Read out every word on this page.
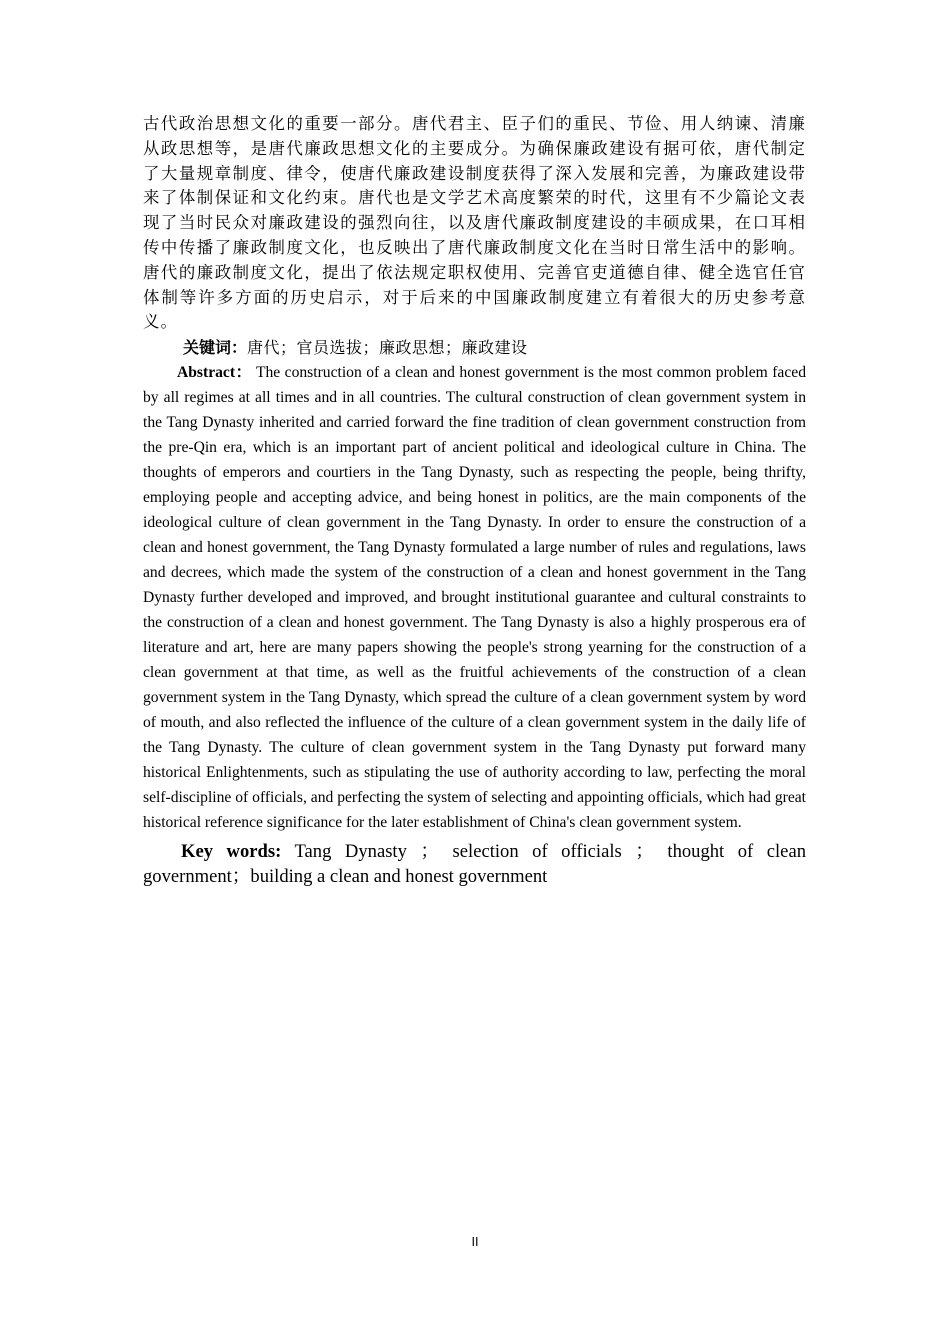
古代政治思想文化的重要一部分。唐代君主、臣子们的重民、节俭、用人纳谏、清廉从政思想等，是唐代廉政思想文化的主要成分。为确保廉政建设有据可依，唐代制定了大量规章制度、律令，使唐代廉政建设制度获得了深入发展和完善，为廉政建设带来了体制保证和文化约束。唐代也是文学艺术高度繁荣的时代，这里有不少篇论文表现了当时民众对廉政建设的强烈向往，以及唐代廉政制度建设的丰硕成果，在口耳相传中传播了廉政制度文化，也反映出了唐代廉政制度文化在当时日常生活中的影响。唐代的廉政制度文化，提出了依法规定职权使用、完善官吏道德自律、健全选官任官体制等许多方面的历史启示，对于后来的中国廉政制度建立有着很大的历史参考意义。

关键词：唐代；官员选拔；廉政思想；廉政建设

Abstract： The construction of a clean and honest government is the most common problem faced by all regimes at all times and in all countries. The cultural construction of clean government system in the Tang Dynasty inherited and carried forward the fine tradition of clean government construction from the pre-Qin era, which is an important part of ancient political and ideological culture in China. The thoughts of emperors and courtiers in the Tang Dynasty, such as respecting the people, being thrifty, employing people and accepting advice, and being honest in politics, are the main components of the ideological culture of clean government in the Tang Dynasty. In order to ensure the construction of a clean and honest government, the Tang Dynasty formulated a large number of rules and regulations, laws and decrees, which made the system of the construction of a clean and honest government in the Tang Dynasty further developed and improved, and brought institutional guarantee and cultural constraints to the construction of a clean and honest government. The Tang Dynasty is also a highly prosperous era of literature and art, here are many papers showing the people's strong yearning for the construction of a clean government at that time, as well as the fruitful achievements of the construction of a clean government system in the Tang Dynasty, which spread the culture of a clean government system by word of mouth, and also reflected the influence of the culture of a clean government system in the daily life of the Tang Dynasty. The culture of clean government system in the Tang Dynasty put forward many historical Enlightenments, such as stipulating the use of authority according to law, perfecting the moral self-discipline of officials, and perfecting the system of selecting and appointing officials, which had great historical reference significance for the later establishment of China's clean government system.

Key words: Tang Dynasty ； selection of officials ； thought of clean government；building a clean and honest government

II
